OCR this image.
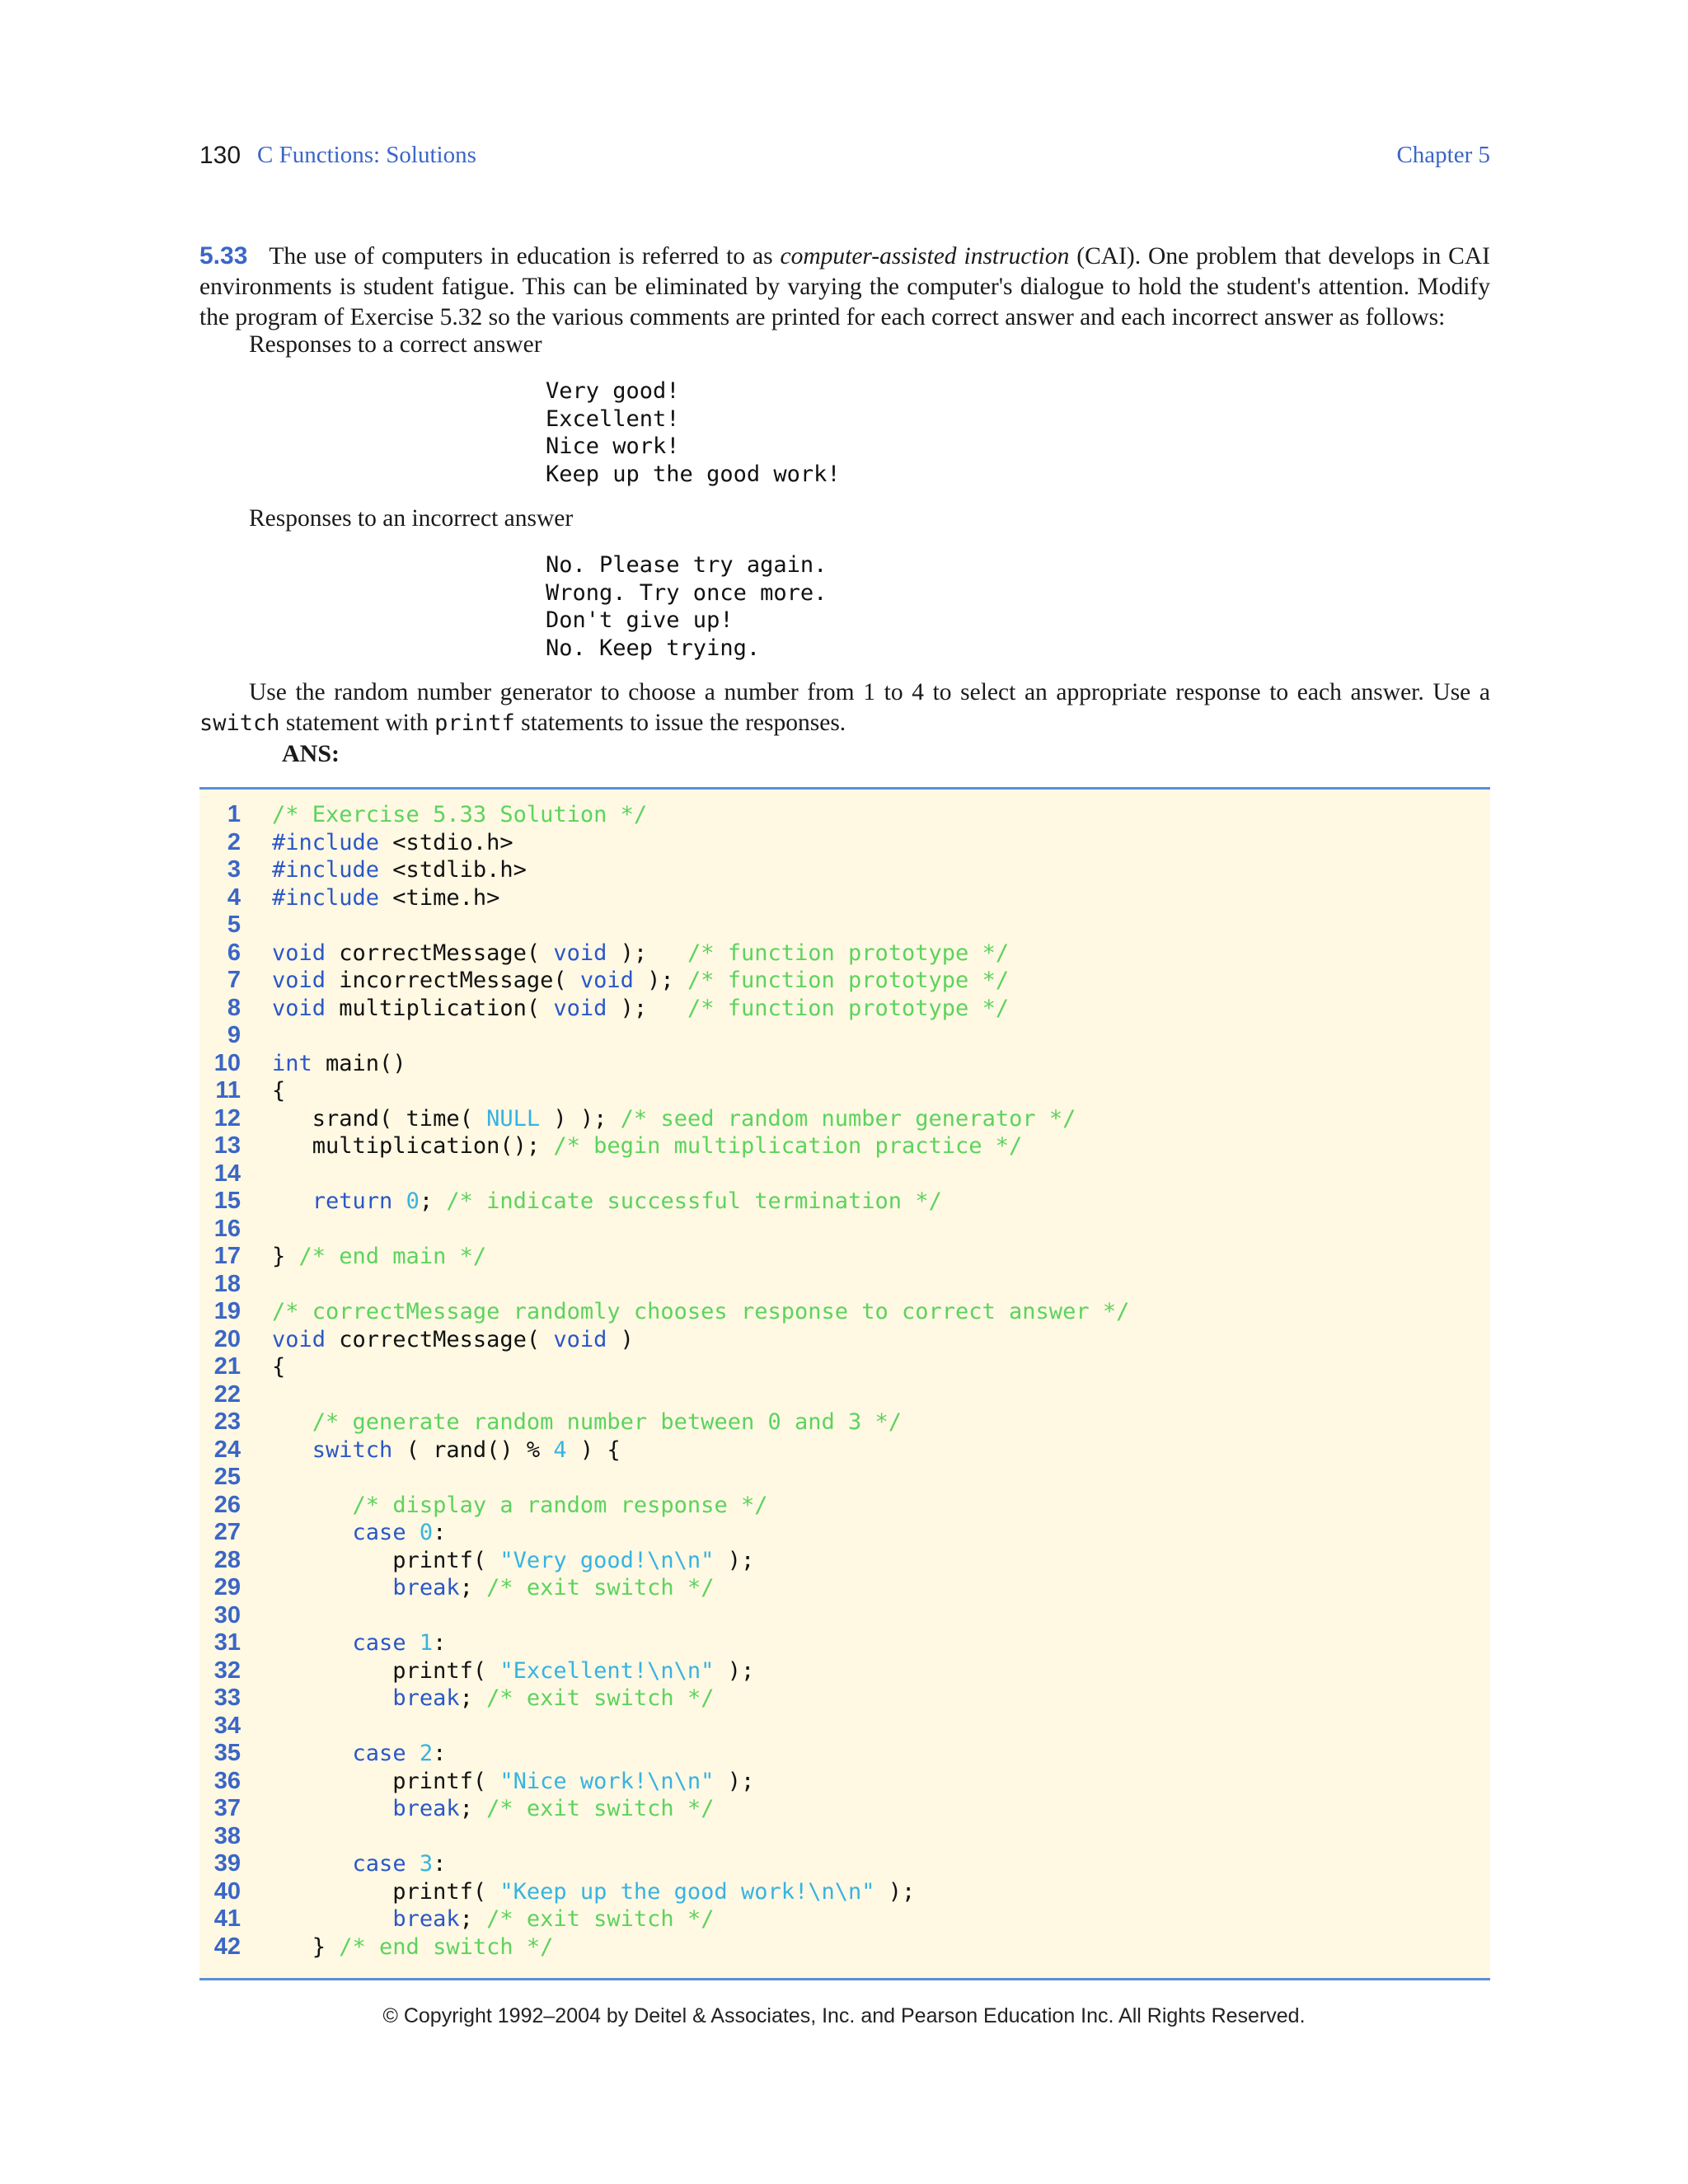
130 C Functions: Solutions	Chapter 5

5.33 The use of computers in education is referred to as computer-assisted instruction (CAI). One problem that develops in CAI environments is student fatigue. This can be eliminated by varying the computer's dialogue to hold the student's attention. Modify the program of Exercise 5.32 so the various comments are printed for each correct answer and each incorrect answer as follows:

Responses to a correct answer
Very good!
Excellent!
Nice work!
Keep up the good work!
Responses to an incorrect answer
No. Please try again.
Wrong. Try once more.
Don't give up!
No. Keep trying.

Use the random number generator to choose a number from 1 to 4 to select an appropriate response to each answer. Use a switch statement with printf statements to issue the responses.

ANS:
1 /* Exercise 5.33 Solution */
2 #include <stdio.h>
3 #include <stdlib.h>
4 #include <time.h>
5
6 void correctMessage( void );   /* function prototype */
7 void incorrectMessage( void ); /* function prototype */
8 void multiplication( void );   /* function prototype */
9
10 int main()
11 {
12 srand( time( NULL ) ); /* seed random number generator */
13 multiplication(); /* begin multiplication practice */
14
15	return 0; /* indicate successful termination */
16
17 } /* end main */
18
19 /* correctMessage randomly chooses response to correct answer */
20 void correctMessage( void )
21 {
22
23	/* generate random number between 0 and 3 */
24	switch ( rand() % 4 ) {
25
26	/* display a random response */
27	case 0:
28 printf( "Very good!\n\n" );
29	break; /* exit switch */
30
31	case 1:
32 printf( "Excellent!\n\n" );
33	break; /* exit switch */
34
35	case 2:
36 printf( "Nice work!\n\n" );
37	break; /* exit switch */
38
39	case 3:
40 printf( "Keep up the good work!\n\n" );
41	break; /* exit switch */
42 } /* end switch */
© Copyright 1992–2004 by Deitel & Associates, Inc. and Pearson Education Inc. All Rights Reserved.
